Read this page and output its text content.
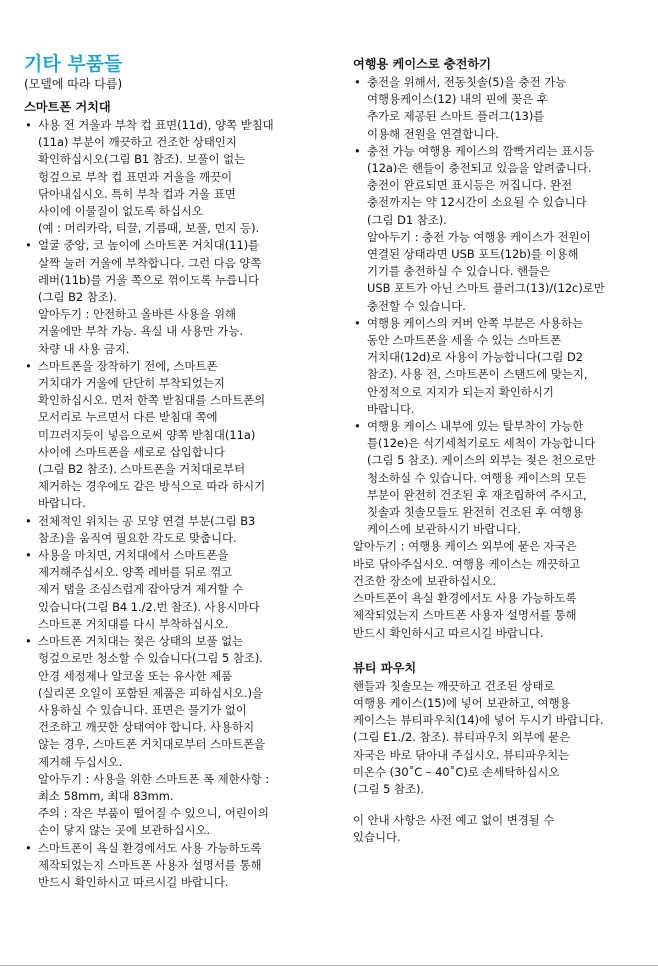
기타 부품들

(모델에 따라 다름)

스마트폰 거치대
• 사용 전 거울과 부착 컵 표면(11d), 양쪽 받침대
(11a) 부분이 깨끗하고 건조한 상태인지
확인하십시오(그림 B1 참조). 보풀이 없는
헝겊으로 부착 컵 표면과 거울을 깨끗이
닦아내십시오. 특히 부착 컵과 거울 표면
사이에 이물질이 없도록 하십시오
(예 : 머리카락, 티끌, 기름때, 보풀, 먼지 등).
• 얼굴 중앙, 코 높이에 스마트폰 거치대(11)를
살짝 눌러 거울에 부착합니다. 그런 다음 양쪽
레버(11b)를 거울 쪽으로 꺾이도록 누릅니다
(그림 B2 참조).
알아두기 : 안전하고 올바른 사용을 위해
거울에만 부착 가능. 욕실 내 사용만 가능.
차량 내 사용 금지.
• 스마트폰을 장착하기 전에, 스마트폰
거치대가 거울에 단단히 부착되었는지
확인하십시오. 먼저 한쪽 받침대를 스마트폰의
모서리로 누르면서 다른 받침대 쪽에
미끄러지듯이 넣음으로써 양쪽 받침대(11a)
사이에 스마트폰을 세로로 삽입합니다
(그림 B2 참조). 스마트폰을 거치대로부터
제거하는 경우에도 같은 방식으로 따라 하시기
바랍니다.
• 전체적인 위치는 공 모양 연결 부분(그림 B3
참조)을 움직여 필요한 각도로 맞춥니다.
• 사용을 마치면, 거치대에서 스마트폰을
제거해주십시오. 양쪽 레버를 뒤로 꺾고
제거 탭을 조심스럽게 잡아당겨 제거할 수
있습니다(그림 B4 1./2.번 참조). 사용시마다
스마트폰 거치대를 다시 부착하십시오.
• 스마트폰 거치대는 젖은 상태의 보풀 없는
헝겊으로만 청소할 수 있습니다(그림 5 참조).
안경 세정제나 알코올 또는 유사한 제품
(실리콘 오일이 포함된 제품은 피하십시오.)을
사용하실 수 있습니다. 표면은 물기가 없이
건조하고 깨끗한 상태여야 합니다. 사용하지
않는 경우, 스마트폰 거치대로부터 스마트폰을
제거해 두십시오.
알아두기 : 사용을 위한 스마트폰 폭 제한사항 :
최소 58mm, 최대 83mm.
주의 : 작은 부품이 떨어질 수 있으니, 어린이의
손이 닿지 않는 곳에 보관하십시오.
• 스마트폰이 욕실 환경에서도 사용 가능하도록
제작되었는지 스마트폰 사용자 설명서를 통해
반드시 확인하시고 따르시길 바랍니다.
여행용 케이스로 충전하기
• 충전을 위해서, 전동칫솔(5)을 충전 가능
여행용케이스(12) 내의 핀에 꽂은 후
추가로 제공된 스마트 플러그(13)를
이용해 전원을 연결합니다.
• 충전 가능 여행용 케이스의 깜빡거리는 표시등
(12a)은 핸들이 충전되고 있음을 알려줍니다.
충전이 완료되면 표시등은 꺼집니다. 완전
충전까지는 약 12시간이 소요될 수 있습니다
(그림 D1 참조).
알아두기 : 충전 가능 여행용 케이스가 전원이
연결된 상태라면 USB 포트(12b)를 이용해
기기를 충전하실 수 있습니다. 핸들은
USB 포트가 아닌 스마트 플러그(13)/(12c)로만
충전할 수 있습니다.
• 여행용 케이스의 커버 안쪽 부분은 사용하는
동안 스마트폰을 세울 수 있는 스마트폰
거치대(12d)로 사용이 가능합니다(그림 D2
참조). 사용 전, 스마트폰이 스탠드에 맞는지,
안정적으로 지지가 되는지 확인하시기
바랍니다.
• 여행용 케이스 내부에 있는 탈부착이 가능한
틀(12e)은 식기세척기로도 세척이 가능합니다
(그림 5 참조). 케이스의 외부는 젖은 천으로만
청소하실 수 있습니다. 여행용 케이스의 모든
부분이 완전히 건조된 후 재조립하여 주시고,
칫솔과 칫솔모들도 완전히 건조된 후 여행용
케이스에 보관하시기 바랍니다.

알아두기 : 여행용 케이스 외부에 묻은 자국은
바로 닦아주십시오. 여행용 케이스는 깨끗하고
건조한 장소에 보관하십시오.
스마트폰이 욕실 환경에서도 사용 가능하도록
제작되었는지 스마트폰 사용자 설명서를 통해
반드시 확인하시고 따르시길 바랍니다.

뷰티 파우치

핸들과 칫솔모는 깨끗하고 건조된 상태로
여행용 케이스(15)에 넣어 보관하고, 여행용
케이스는 뷰티파우치(14)에 넣어 두시기 바랍니다.
(그림 E1./2. 참조). 뷰티파우치 외부에 묻은
자국은 바로 닦아내 주십시오. 뷰티파우치는
미온수 (30˚C – 40˚C)로 손세탁하십시오
(그림 5 참조).

이 안내 사항은 사전 예고 없이 변경될 수
있습니다.
